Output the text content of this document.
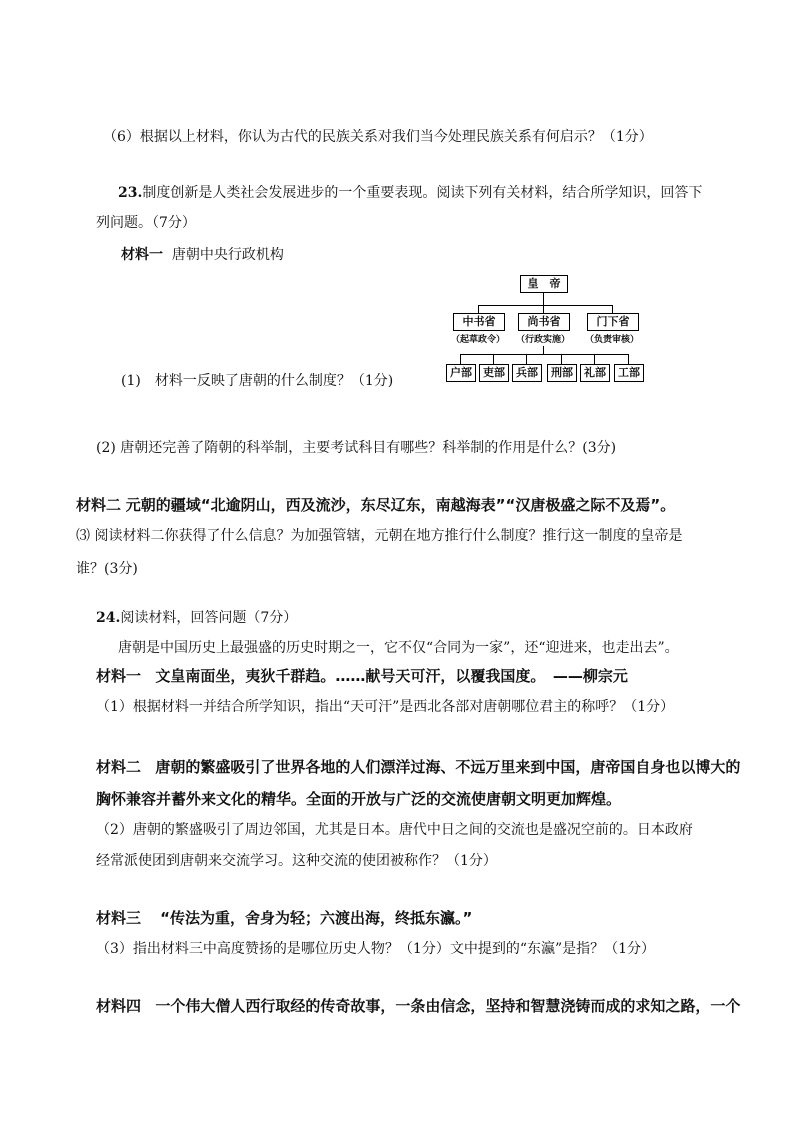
（6）根据以上材料，你认为古代的民族关系对我们当今处理民族关系有何启示？（1分）
23.制度创新是人类社会发展进步的一个重要表现。阅读下列有关材料，结合所学知识，回答下
列问题。（7分）
材料一 唐朝中央行政机构
皇　帝
中书省	尚书省	门下省
（起草政令）	（行政实施）	（负责审核）
户部	吏部	兵部	刑部	礼部	工部
(1)　材料一反映了唐朝的什么制度？（1分)
(2) 唐朝还完善了隋朝的科举制，主要考试科目有哪些？科举制的作用是什么？(3分)
材料二 元朝的疆域“北逾阴山，西及流沙，东尽辽东，南越海表”“汉唐极盛之际不及焉”。
⑶ 阅读材料二你获得了什么信息？为加强管辖，元朝在地方推行什么制度？推行这一制度的皇帝是
谁？(3分)
24.阅读材料，回答问题（7分）
唐朝是中国历史上最强盛的历史时期之一，它不仅“合同为一家”，还“迎进来，也走出去”。
材料一 文皇南面坐，夷狄千群趋。……献号天可汗，以覆我国度。　——柳宗元
（1）根据材料一并结合所学知识，指出“天可汗”是西北各部对唐朝哪位君主的称呼？（1分）
材料二 唐朝的繁盛吸引了世界各地的人们漂洋过海、不远万里来到中国，唐帝国自身也以博大的
胸怀兼容并蓄外来文化的精华。全面的开放与广泛的交流使唐朝文明更加辉煌。
（2）唐朝的繁盛吸引了周边邻国，尤其是日本。唐代中日之间的交流也是盛况空前的。日本政府
经常派使团到唐朝来交流学习。这种交流的使团被称作？（1分）
材料三 “传法为重，舍身为轻；六渡出海，终抵东瀛。”
（3）指出材料三中高度赞扬的是哪位历史人物？（1分）文中提到的“东瀛”是指？（1分）
材料四 一个伟大僧人西行取经的传奇故事，一条由信念，坚持和智慧浇铸而成的求知之路，一个
